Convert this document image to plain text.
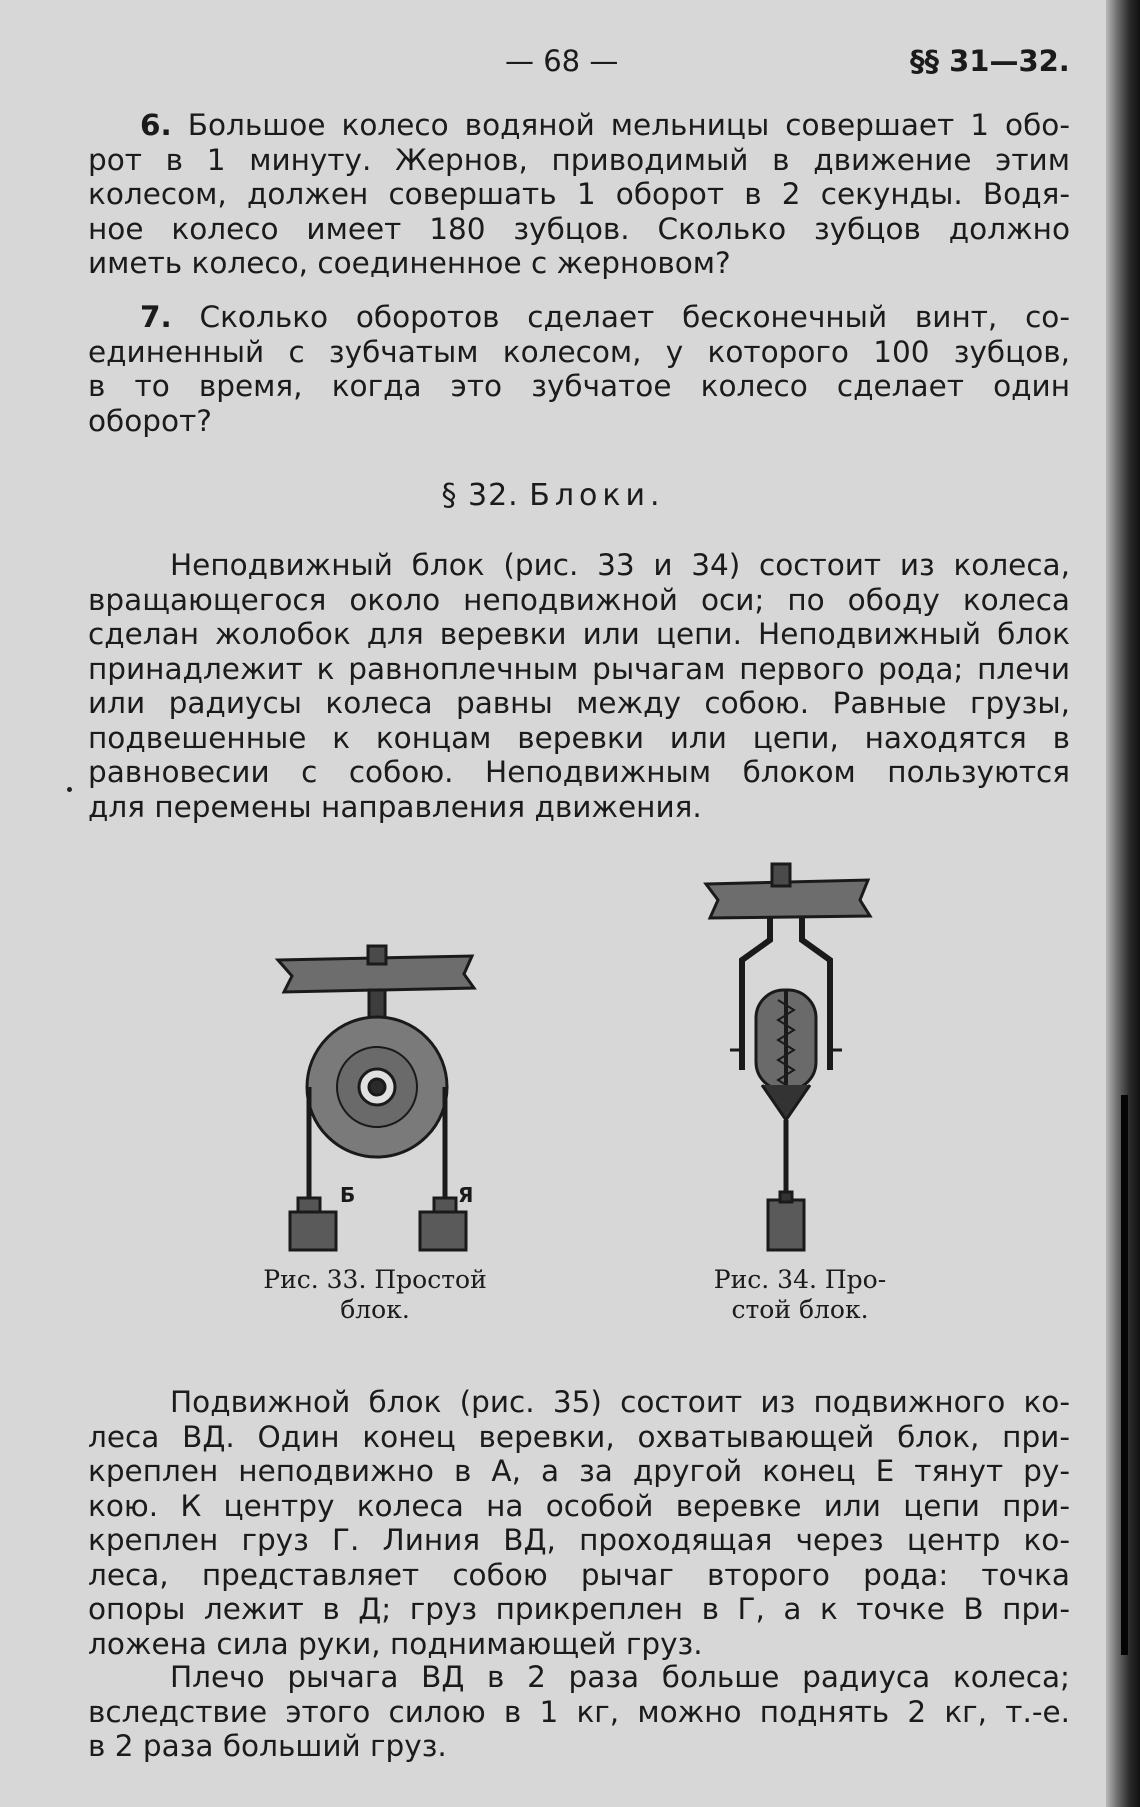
— 68 —	§§ 31—32.

6. Большое колесо водяной мельницы совершает 1 обо-
рот в 1 минуту. Жернов, приводимый в движение этим
колесом, должен совершать 1 оборот в 2 секунды. Водя-
ное колесо имеет 180 зубцов. Сколько зубцов должно
иметь колесо, соединенное с жерновом?

7. Сколько оборотов сделает бесконечный винт, со-
единенный с зубчатым колесом, у которого 100 зубцов,
в то время, когда это зубчатое колесо сделает один
оборот?

§ 32. Блоки.

Неподвижный блок (рис. 33 и 34) состоит из колеса,
вращающегося около неподвижной оси; по ободу колеса
сделан жолобок для веревки или цепи. Неподвижный блок
принадлежит к равноплечным рычагам первого рода; плечи
или радиусы колеса равны между собою. Равные грузы,
подвешенные к концам веревки или цепи, находятся в
равновесии с собою. Неподвижным блоком пользуются
для перемены направления движения.

Б	Я
Рис. 33. Простой
блок.
Рис. 34. Про-
стой блок.

Подвижной блок (рис. 35) состоит из подвижного ко-
леса ВД. Один конец веревки, охватывающей блок, при-
креплен неподвижно в А, а за другой конец Е тянут ру-
кою. К центру колеса на особой веревке или цепи при-
креплен груз Г. Линия ВД, проходящая через центр ко-
леса, представляет собою рычаг второго рода: точка
опоры лежит в Д; груз прикреплен в Г, а к точке В при-
ложена сила руки, поднимающей груз.

Плечо рычага ВД в 2 раза больше радиуса колеса;
вследствие этого силою в 1 кг, можно поднять 2 кг, т.-е.
в 2 раза больший груз.
